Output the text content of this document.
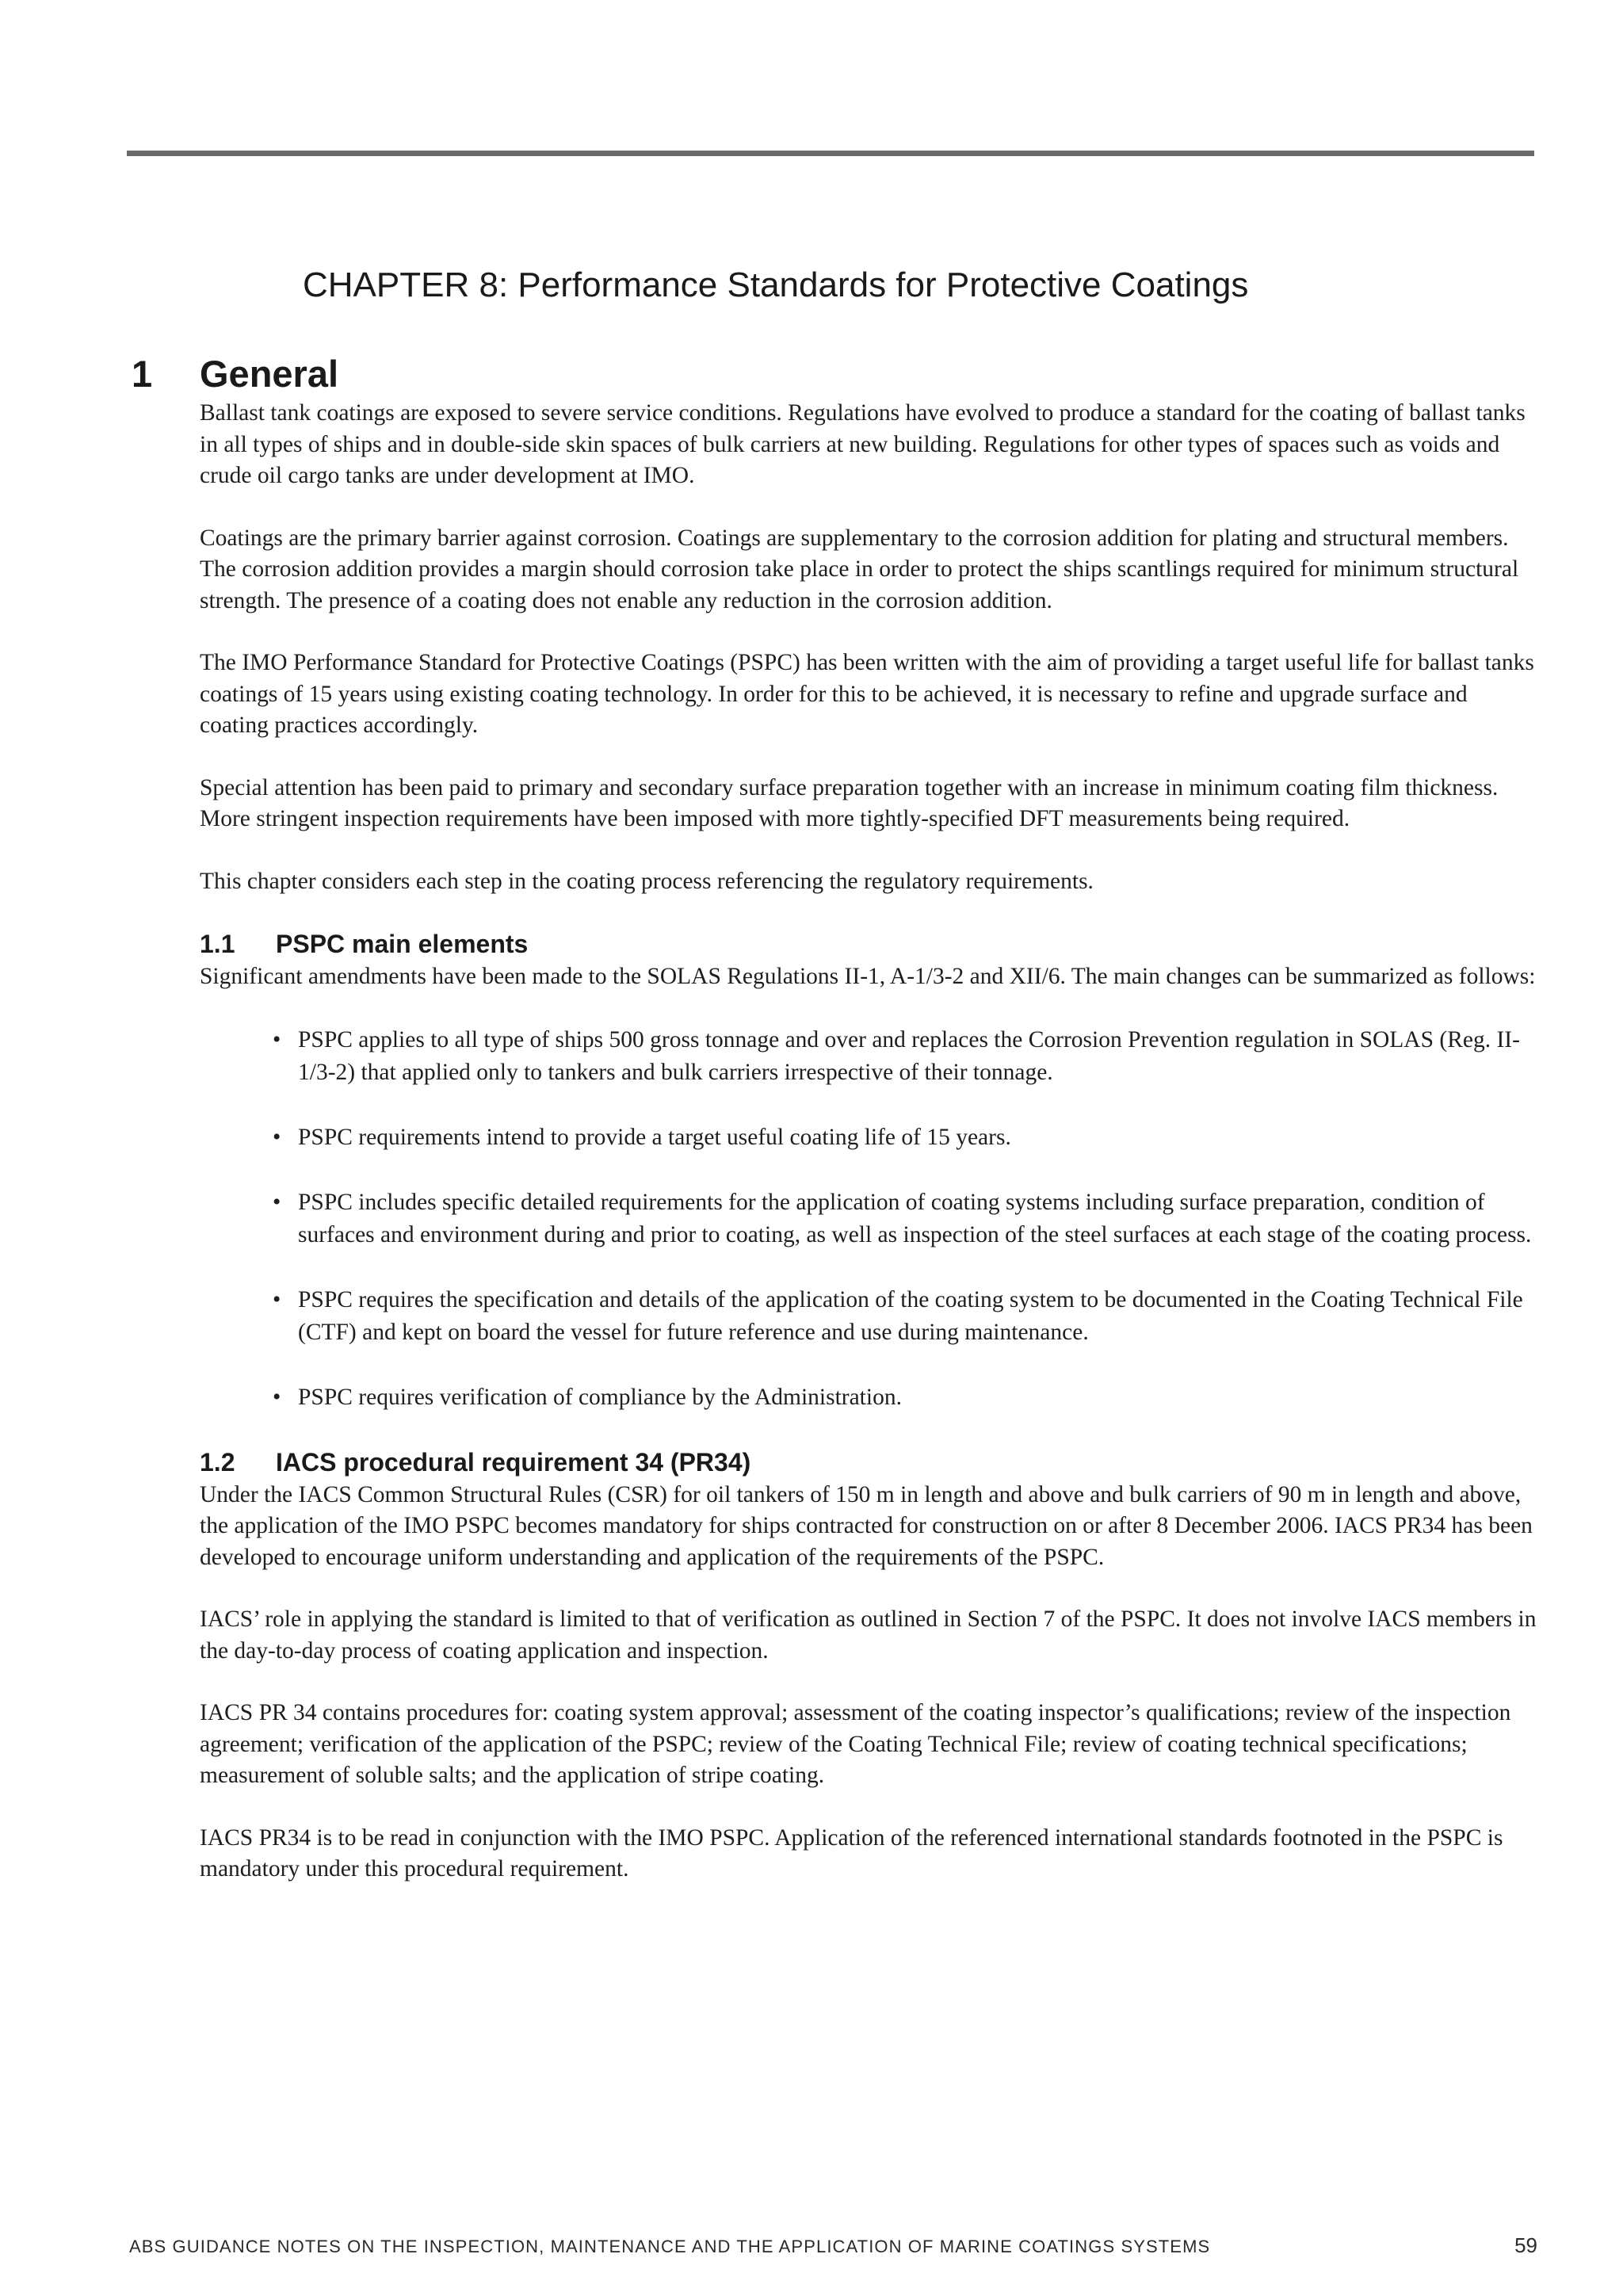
CHAPTER 8: Performance Standards for Protective Coatings
1 General

Ballast tank coatings are exposed to severe service conditions. Regulations have evolved to produce a standard for the coating of ballast tanks in all types of ships and in double-side skin spaces of bulk carriers at new building. Regulations for other types of spaces such as voids and crude oil cargo tanks are under development at IMO.

Coatings are the primary barrier against corrosion. Coatings are supplementary to the corrosion addition for plating and structural members. The corrosion addition provides a margin should corrosion take place in order to protect the ships scantlings required for minimum structural strength. The presence of a coating does not enable any reduction in the corrosion addition.

The IMO Performance Standard for Protective Coatings (PSPC) has been written with the aim of providing a target useful life for ballast tanks coatings of 15 years using existing coating technology. In order for this to be achieved, it is necessary to refine and upgrade surface and coating practices accordingly.

Special attention has been paid to primary and secondary surface preparation together with an increase in minimum coating film thickness. More stringent inspection requirements have been imposed with more tightly-specified DFT measurements being required.

This chapter considers each step in the coating process referencing the regulatory requirements.

1.1 PSPC main elements

Significant amendments have been made to the SOLAS Regulations II-1, A-1/3-2 and XII/6. The main changes can be summarized as follows:

• PSPC applies to all type of ships 500 gross tonnage and over and replaces the Corrosion Prevention regulation in SOLAS (Reg. II-1/3-2) that applied only to tankers and bulk carriers irrespective of their tonnage.
• PSPC requirements intend to provide a target useful coating life of 15 years.
• PSPC includes specific detailed requirements for the application of coating systems including surface preparation, condition of surfaces and environment during and prior to coating, as well as inspection of the steel surfaces at each stage of the coating process.
• PSPC requires the specification and details of the application of the coating system to be documented in the Coating Technical File (CTF) and kept on board the vessel for future reference and use during maintenance.
• PSPC requires verification of compliance by the Administration.
1.2 IACS procedural requirement 34 (PR34)

Under the IACS Common Structural Rules (CSR) for oil tankers of 150 m in length and above and bulk carriers of 90 m in length and above, the application of the IMO PSPC becomes mandatory for ships contracted for construction on or after 8 December 2006. IACS PR34 has been developed to encourage uniform understanding and application of the requirements of the PSPC.

IACS’ role in applying the standard is limited to that of verification as outlined in Section 7 of the PSPC. It does not involve IACS members in the day-to-day process of coating application and inspection.

IACS PR 34 contains procedures for: coating system approval; assessment of the coating inspector’s qualifications; review of the inspection agreement; verification of the application of the PSPC; review of the Coating Technical File; review of coating technical specifications; measurement of soluble salts; and the application of stripe coating.

IACS PR34 is to be read in conjunction with the IMO PSPC. Application of the referenced international standards footnoted in the PSPC is mandatory under this procedural requirement.

ABS GUIDANCE NOTES ON THE INSPECTION, MAINTENANCE AND THE APPLICATION OF MARINE COATINGS SYSTEMS	59
